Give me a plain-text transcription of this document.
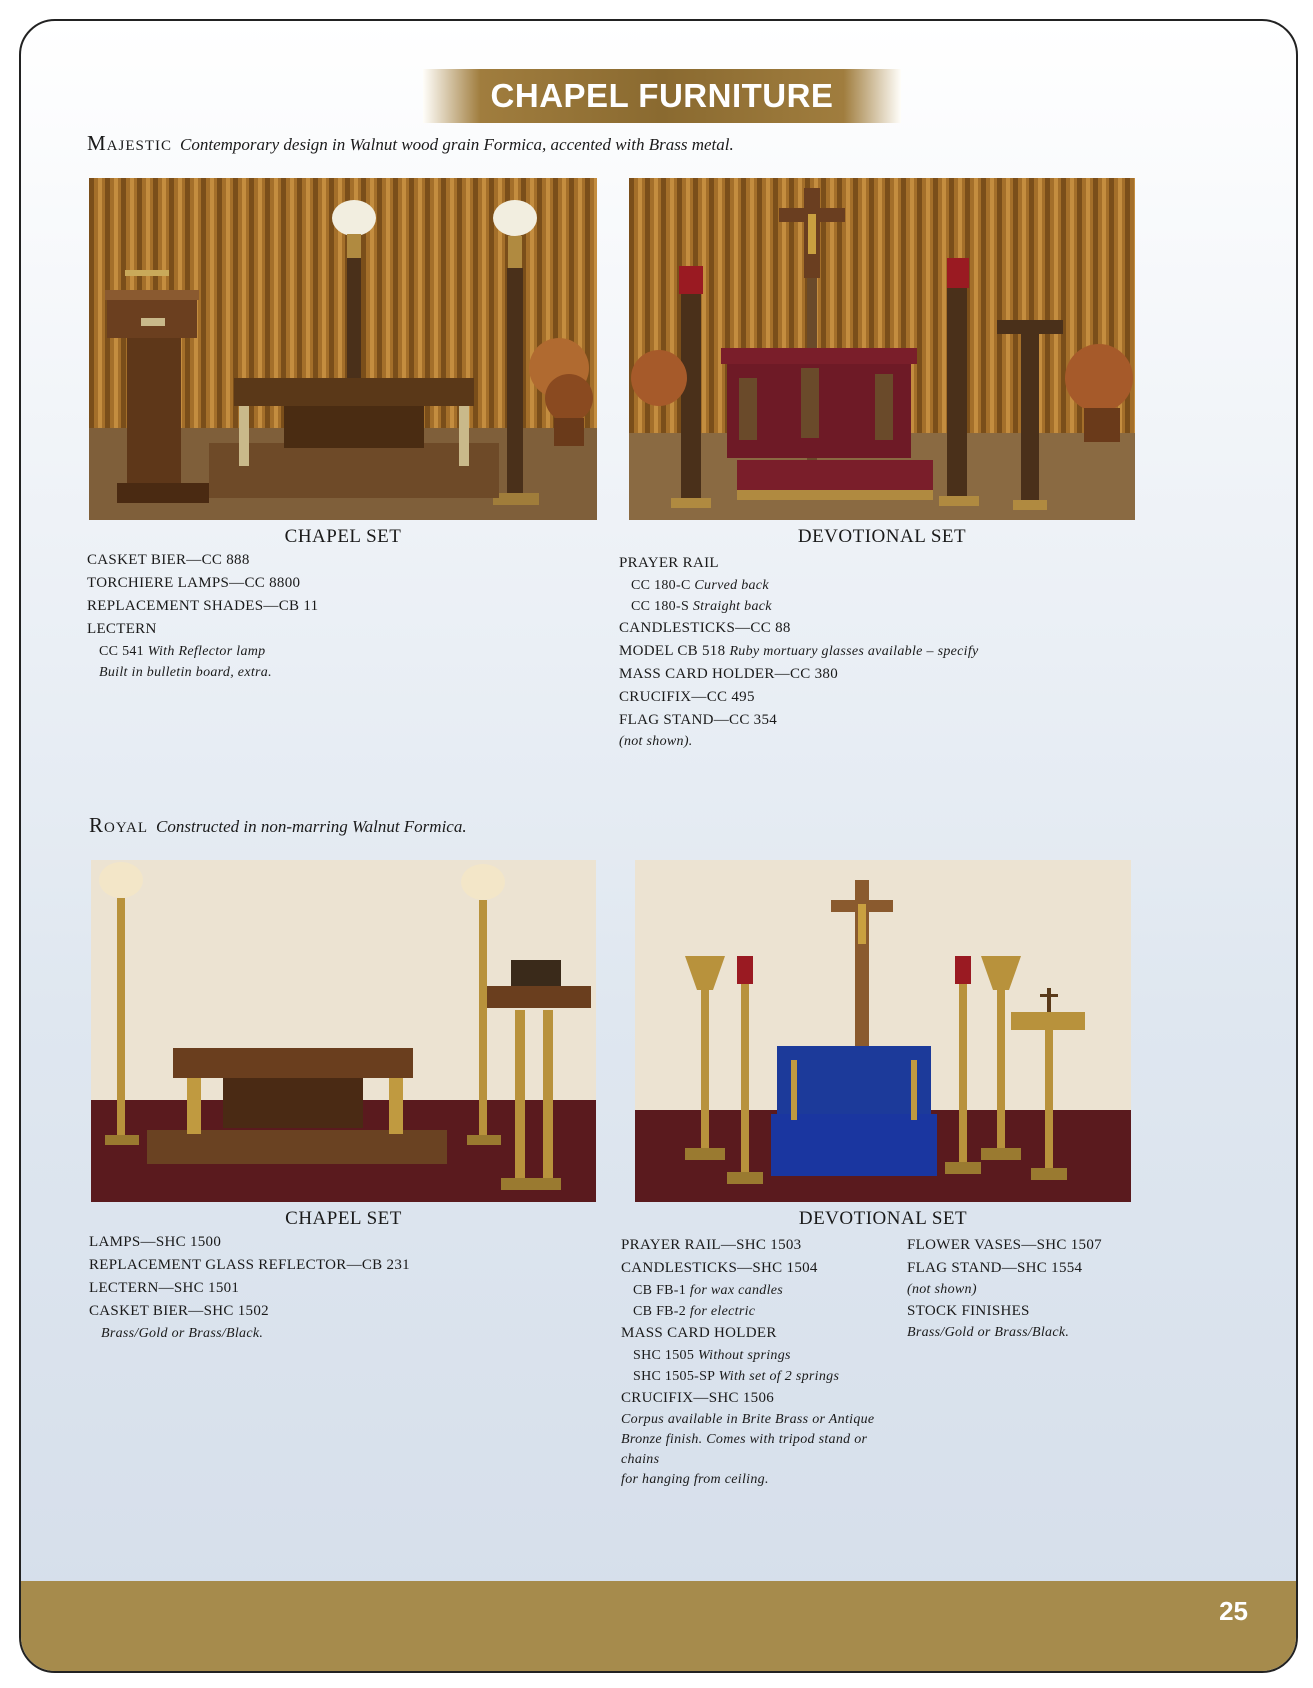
CHAPEL FURNITURE
Majestic Contemporary design in Walnut wood grain Formica, accented with Brass metal.
CHAPEL SET	DEVOTIONAL SET
CASKET BIER—CC 888
TORCHIERE LAMPS—CC 8800
REPLACEMENT SHADES—CB 11
LECTERN
CC 541 With Reflector lamp
Built in bulletin board, extra.
PRAYER RAIL
CC 180-C Curved back
CC 180-S Straight back
CANDLESTICKS—CC 88
MODEL CB 518 Ruby mortuary glasses available – specify
MASS CARD HOLDER—CC 380
CRUCIFIX—CC 495
FLAG STAND—CC 354
(not shown).
Royal Constructed in non-marring Walnut Formica.
CHAPEL SET	DEVOTIONAL SET
LAMPS—SHC 1500
REPLACEMENT GLASS REFLECTOR—CB 231
LECTERN—SHC 1501
CASKET BIER—SHC 1502
Brass/Gold or Brass/Black.
PRAYER RAIL—SHC 1503
CANDLESTICKS—SHC 1504
CB FB-1 for wax candles
CB FB-2 for electric
MASS CARD HOLDER
SHC 1505 Without springs
SHC 1505-SP With set of 2 springs
CRUCIFIX—SHC 1506
Corpus available in Brite Brass or Antique
Bronze finish. Comes with tripod stand or chains
for hanging from ceiling.
FLOWER VASES—SHC 1507
FLAG STAND—SHC 1554
(not shown)
STOCK FINISHES
Brass/Gold or Brass/Black.
25
